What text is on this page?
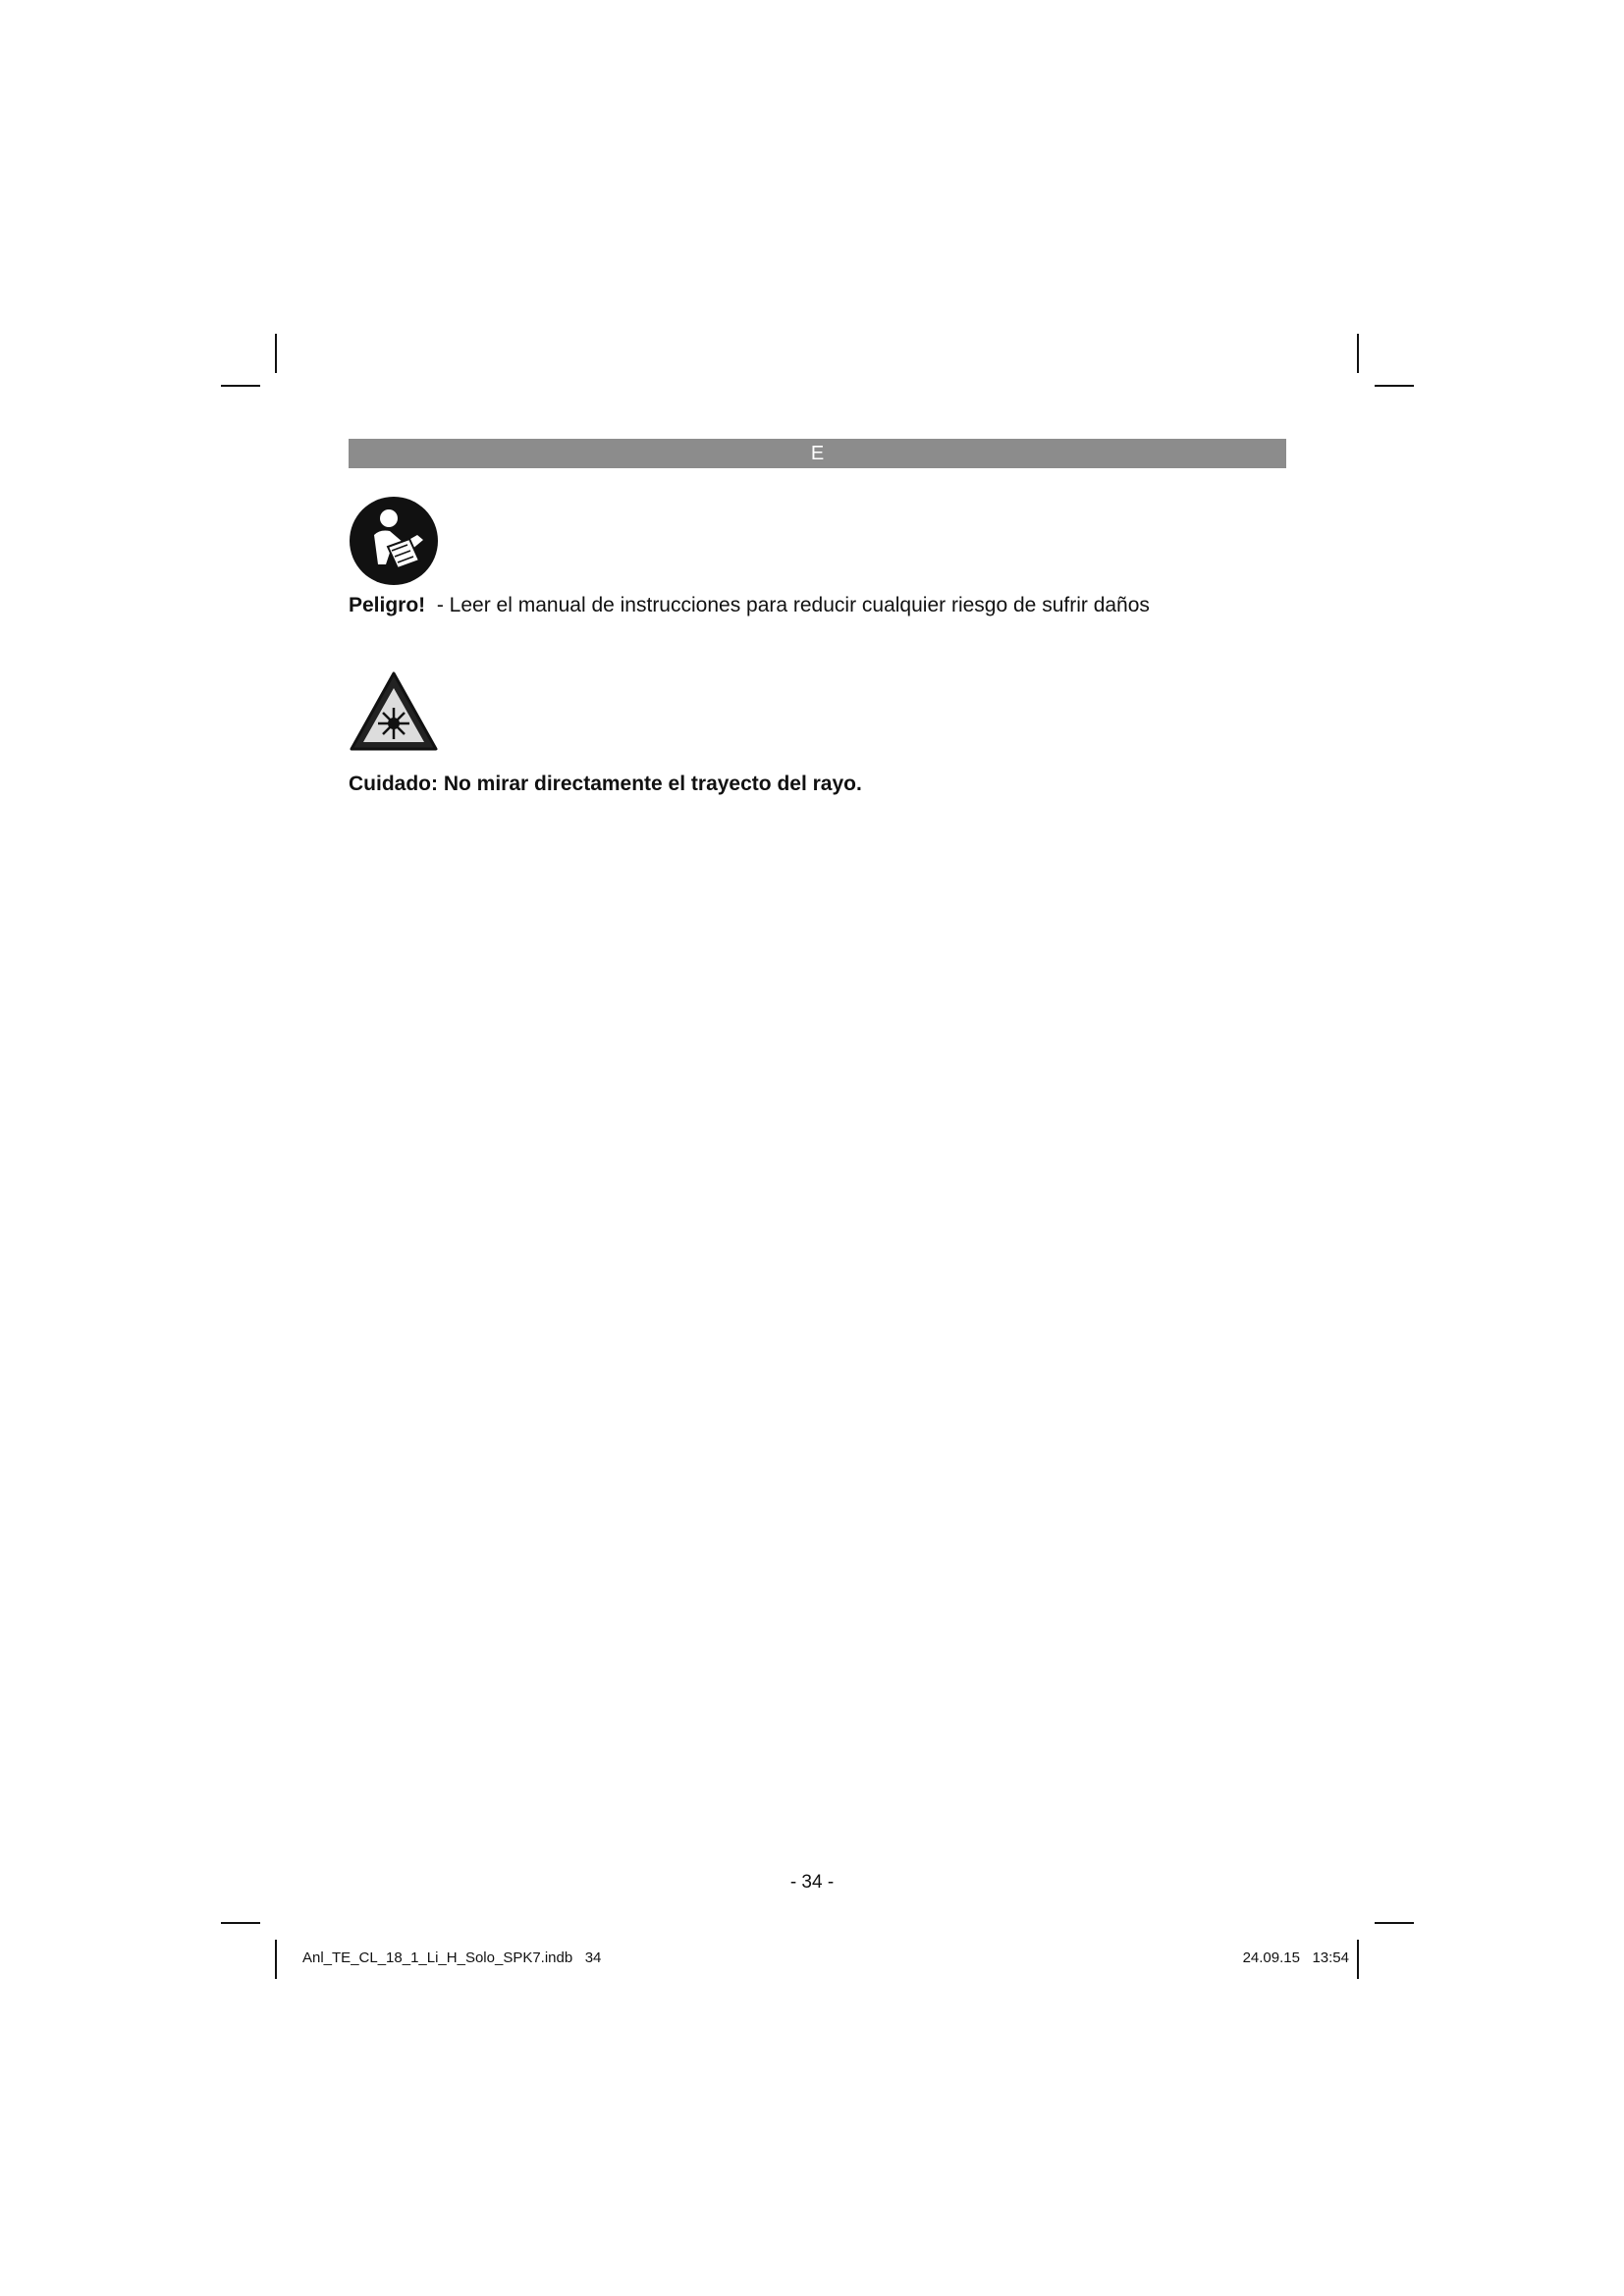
E
Peligro! - Leer el manual de instrucciones para reducir cualquier riesgo de sufrir daños
Cuidado: No mirar directamente el trayecto del rayo.
- 34 -
Anl_TE_CL_18_1_Li_H_Solo_SPK7.indb   34	24.09.15   13:54
